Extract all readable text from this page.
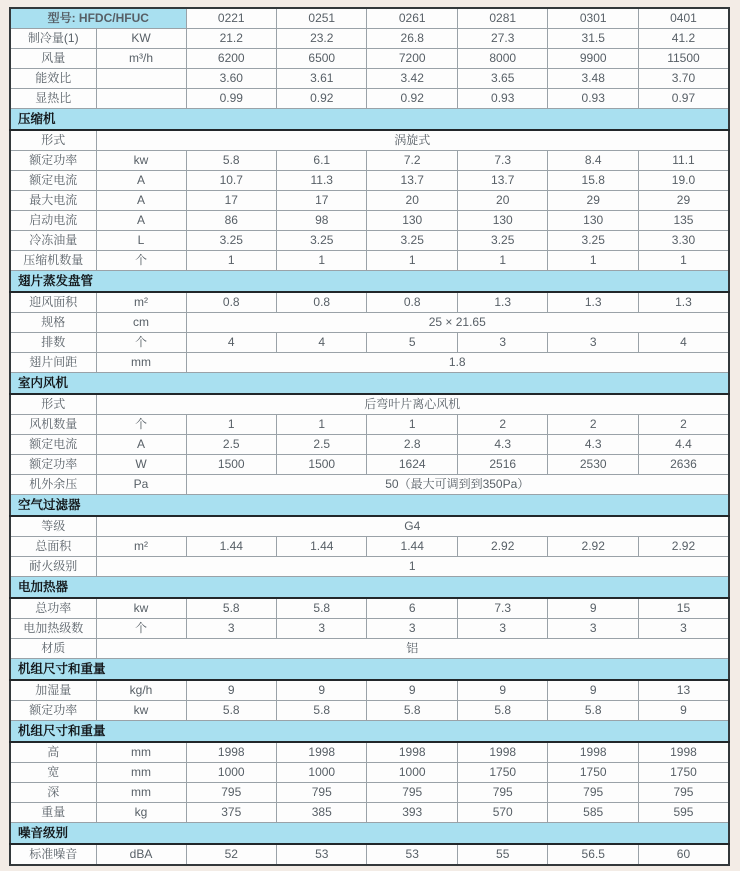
型号: HFDC/HFUC		0221	0251	0261	0281	0301	0401
制冷量(1)	KW	21.2	23.2	26.8	27.3	31.5	41.2
风量	m³/h	6200	6500	7200	8000	9900	11500
能效比		3.60	3.61	3.42	3.65	3.48	3.70
显热比		0.99	0.92	0.92	0.93	0.93	0.97
压缩机							
形式	涡旋式						
额定功率	kw	5.8	6.1	7.2	7.3	8.4	11.1
额定电流	A	10.7	11.3	13.7	13.7	15.8	19.0
最大电流	A	17	17	20	20	29	29
启动电流	A	86	98	130	130	130	135
冷冻油量	L	3.25	3.25	3.25	3.25	3.25	3.30
压缩机数量	个	1	1	1	1	1	1
翅片蒸发盘管							
迎风面积	m²	0.8	0.8	0.8	1.3	1.3	1.3
规格	cm	25 × 21.65					
排数	个	4	4	5	3	3	4
翅片间距	mm	1.8					
室内风机							
形式	后弯叶片离心风机						
风机数量	个	1	1	1	2	2	2
额定电流	A	2.5	2.5	2.8	4.3	4.3	4.4
额定功率	W	1500	1500	1624	2516	2530	2636
机外余压	Pa	50（最大可调到到350Pa）					
空气过滤器							
等级	G4						
总面积	m²	1.44	1.44	1.44	2.92	2.92	2.92
耐火级别	1						
电加热器							
总功率	kw	5.8	5.8	6	7.3	9	15
电加热级数	个	3	3	3	3	3	3
材质	铝						
机组尺寸和重量							
加湿量	kg/h	9	9	9	9	9	13
额定功率	kw	5.8	5.8	5.8	5.8	5.8	9
机组尺寸和重量							
高	mm	1998	1998	1998	1998	1998	1998
宽	mm	1000	1000	1000	1750	1750	1750
深	mm	795	795	795	795	795	795
重量	kg	375	385	393	570	585	595
噪音级别							
标准噪音	dBA	52	53	53	55	56.5	60
